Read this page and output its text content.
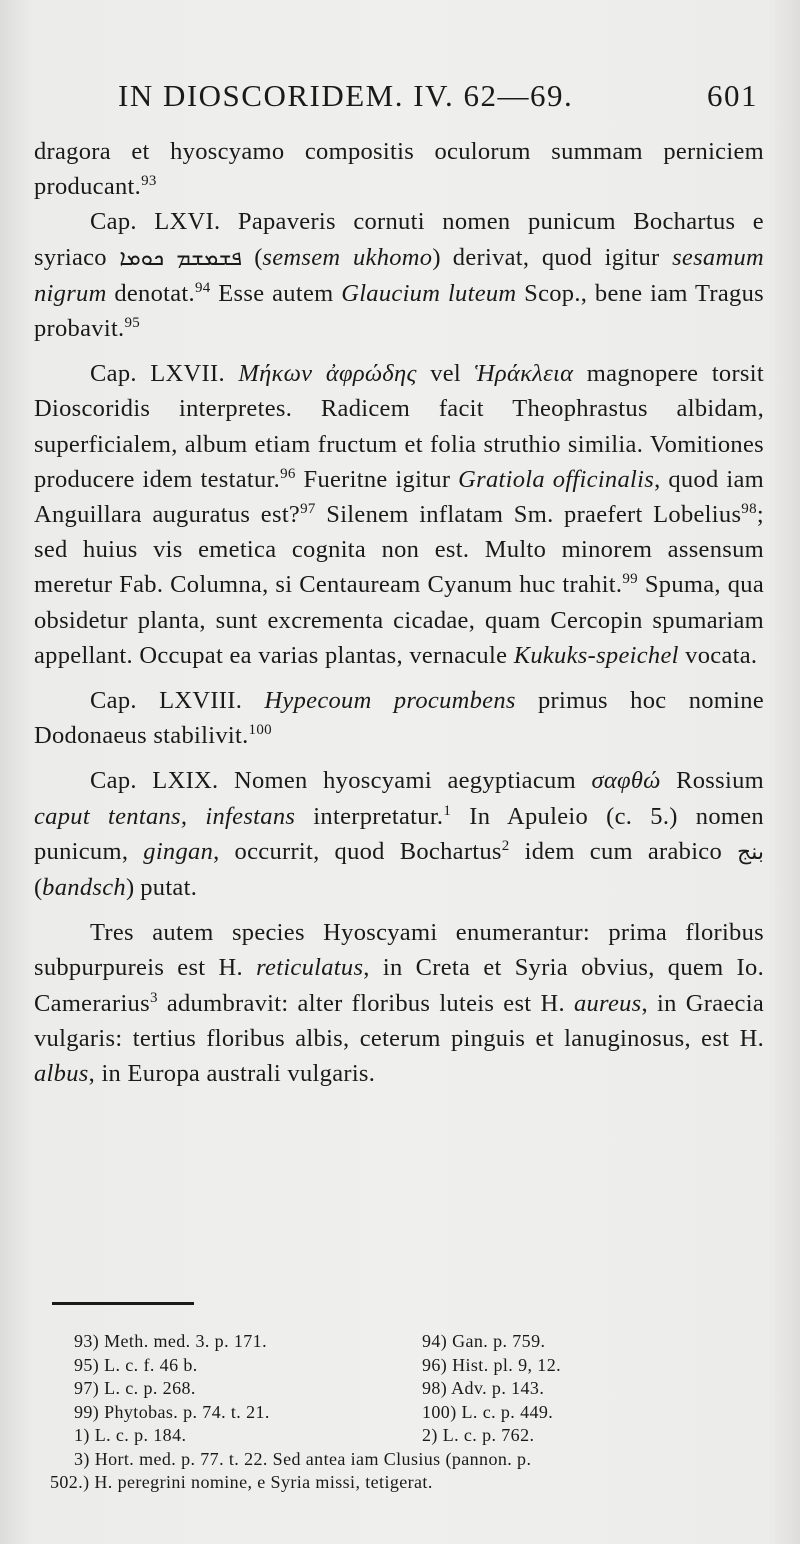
IN DIOSCORIDEM. IV. 62—69.	601

dragora et hyoscyamo compositis oculorum summam perniciem producant.$^{93}$

Cap. LXVI. Papaveris cornuti nomen punicum Bochartus e syriaco	ܦܫܡܫܡ ܟܘܡܐ	(semsem ukhomo) derivat, quod igitur sesamum nigrum denotat.$^{94}$ Esse autem Glaucium luteum Scop., bene iam Tragus probavit.$^{95}$

Cap. LXVII. Μήκων ἀφρώδης vel Ἡράκλεια magnopere torsit Dioscoridis interpretes. Radicem facit Theophrastus albidam, superficialem, album etiam fructum et folia struthio similia. Vomitiones producere idem testatur.$^{96}$ Fueritne igitur Gratiola officinalis, quod iam Anguillara auguratus est?$^{97}$ Silenem inflatam Sm. praefert Lobelius$^{98}$; sed huius vis emetica cognita non est. Multo minorem assensum meretur Fab. Columna, si Centauream Cyanum huc trahit.$^{99}$ Spuma, qua obsidetur planta, sunt excrementa cicadae, quam Cercopin spumariam appellant. Occupat ea varias plantas, vernacule Kukuks-speichel vocata.

Cap. LXVIII. Hypecoum procumbens primus hoc nomine Dodonaeus stabilivit.$^{100}$

Cap. LXIX. Nomen hyoscyami aegyptiacum σαφθώ Rossium caput tentans, infestans interpretatur.$^1$ In Apuleio (c. 5.) nomen punicum, gingan, occurrit, quod Bochartus$^2$ idem cum arabico بنج (bandsch) putat.

Tres autem species Hyoscyami enumerantur: prima floribus subpurpureis est H. reticulatus, in Creta et Syria obvius, quem Io. Camerarius$^3$ adumbravit: alter floribus luteis est H. aureus, in Graecia vulgaris: tertius floribus albis, ceterum pinguis et lanuginosus, est H. albus, in Europa australi vulgaris.

93) Meth. med. 3. p. 171.	94) Gan. p. 759.
95) L. c. f. 46 b.	96) Hist. pl. 9, 12.
97) L. c. p. 268.	98) Adv. p. 143.
99) Phytobas. p. 74. t. 21.	100) L. c. p. 449.
1) L. c. p. 184.	2) L. c. p. 762.
3) Hort. med. p. 77. t. 22. Sed antea iam Clusius (pannon. p.
502.) H. peregrini nomine, e Syria missi, tetigerat.
